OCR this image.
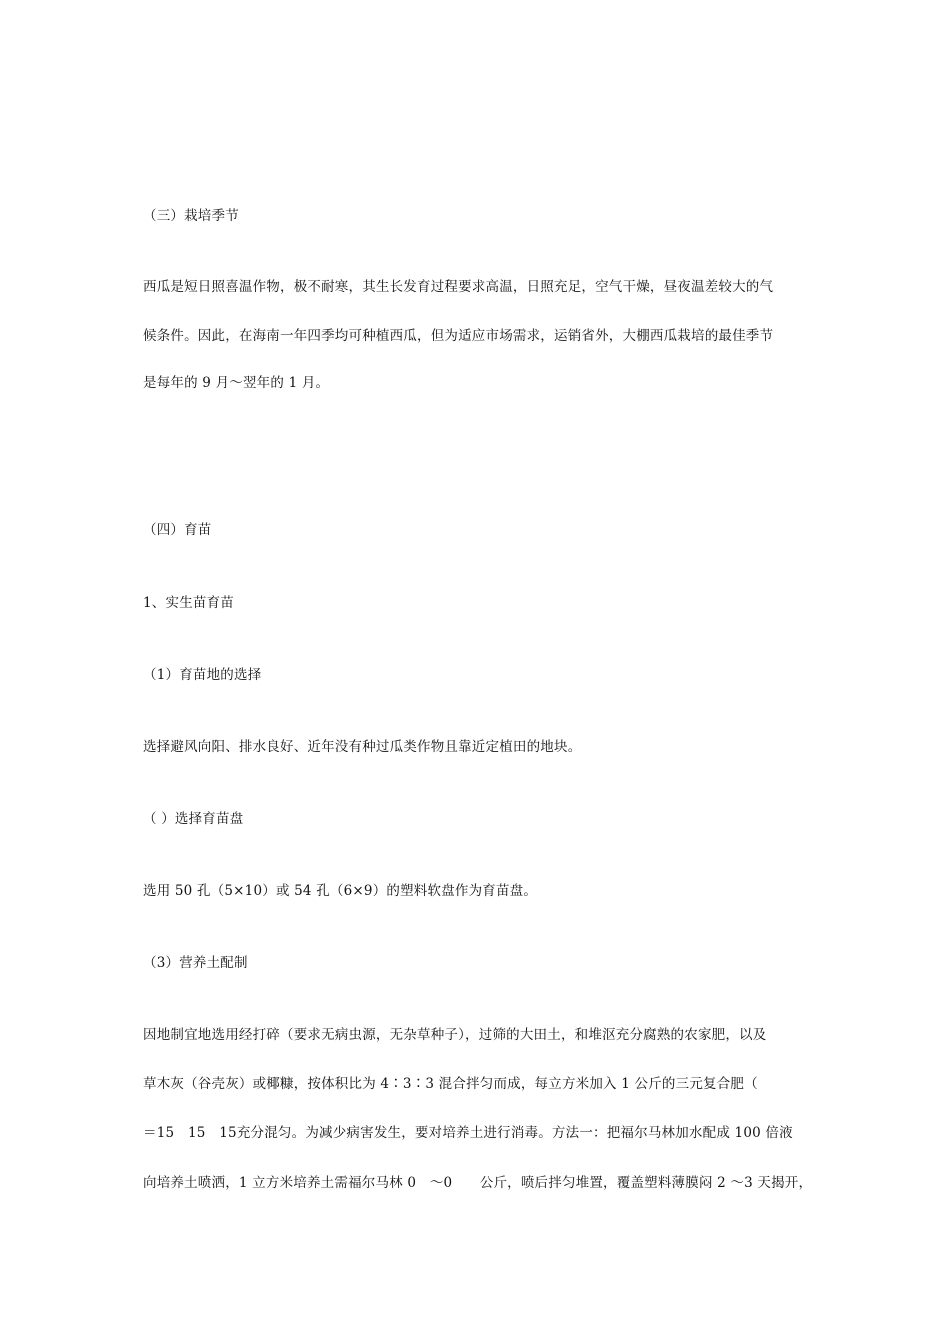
（三）栽培季节
西瓜是短日照喜温作物，极不耐寒，其生长发育过程要求高温，日照充足，空气干燥，昼夜温差较大的气
候条件。因此，在海南一年四季均可种植西瓜，但为适应市场需求，运销省外，大棚西瓜栽培的最佳季节
是每年的 9 月～翌年的 1 月。
（四）育苗
1、实生苗育苗
（1）育苗地的选择
选择避风向阳、排水良好、近年没有种过瓜类作物且靠近定植田的地块。
（ ）选择育苗盘
选用 50 孔（5×10）或 54 孔（6×9）的塑料软盘作为育苗盘。
（3）营养土配制
因地制宜地选用经打碎（要求无病虫源，无杂草种子），过筛的大田土，和堆沤充分腐熟的农家肥，以及
草木灰（谷壳灰）或椰糠，按体积比为 4∶3∶3 混合拌匀而成，每立方米加入 1 公斤的三元复合肥（
＝15　15　15充分混匀。为减少病害发生，要对培养土进行消毒。方法一：把福尔马林加水配成 100 倍液
向培养土喷洒，1 立方米培养土需福尔马林 0　～0　　公斤，喷后拌匀堆置，覆盖塑料薄膜闷 2 ～3 天揭开，
